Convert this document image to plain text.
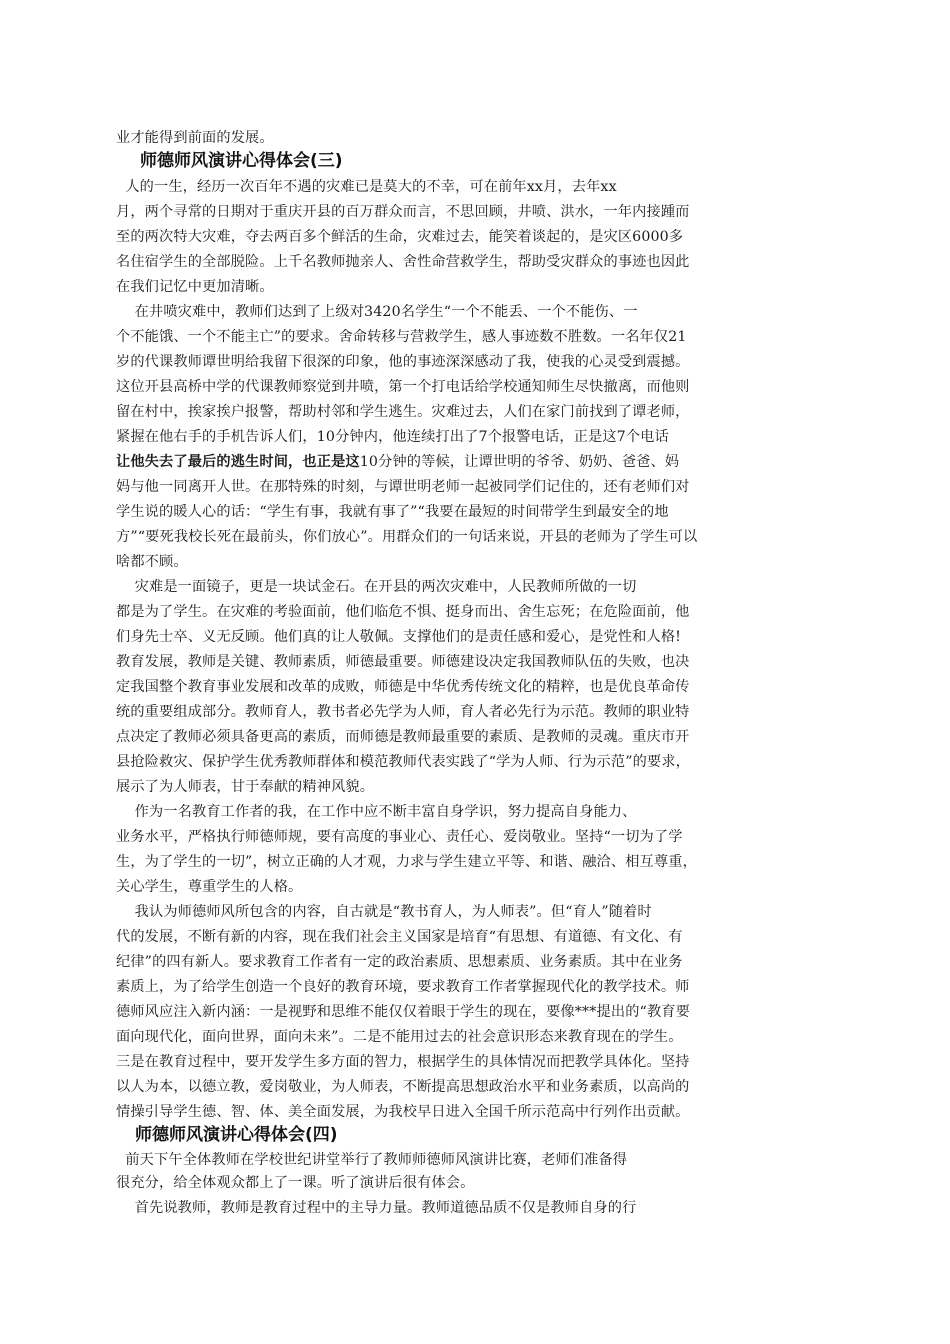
业才能得到前面的发展。
师德师风演讲心得体会(三)
人的一生，经历一次百年不遇的灾难已是莫大的不幸，可在前年xx月，去年xx
月，两个寻常的日期对于重庆开县的百万群众而言，不思回顾，井喷、洪水，一年内接踵而
至的两次特大灾难，夺去两百多个鲜活的生命，灾难过去，能笑着谈起的，是灾区6000多
名住宿学生的全部脱险。上千名教师抛亲人、舍性命营救学生，帮助受灾群众的事迹也因此
在我们记忆中更加清晰。
在井喷灾难中，教师们达到了上级对3420名学生“一个不能丢、一个不能伤、一
个不能饿、一个不能主亡”的要求。舍命转移与营救学生，感人事迹数不胜数。一名年仅21
岁的代课教师谭世明给我留下很深的印象，他的事迹深深感动了我，使我的心灵受到震撼。
这位开县高桥中学的代课教师察觉到井喷，第一个打电话给学校通知师生尽快撤离，而他则
留在村中，挨家挨户报警，帮助村邻和学生逃生。灾难过去，人们在家门前找到了谭老师，
紧握在他右手的手机告诉人们，10分钟内，他连续打出了7个报警电话，正是这7个电话
让他失去了最后的逃生时间，也正是这10分钟的等候，让谭世明的爷爷、奶奶、爸爸、妈
妈与他一同离开人世。在那特殊的时刻，与谭世明老师一起被同学们记住的，还有老师们对
学生说的暖人心的话：“学生有事，我就有事了”“我要在最短的时间带学生到最安全的地
方”“要死我校长死在最前头，你们放心”。用群众们的一句话来说，开县的老师为了学生可以
啥都不顾。
灾难是一面镜子，更是一块试金石。在开县的两次灾难中，人民教师所做的一切
都是为了学生。在灾难的考验面前，他们临危不惧、挺身而出、舍生忘死；在危险面前，他
们身先士卒、义无反顾。他们真的让人敬佩。支撑他们的是责任感和爱心，是党性和人格!
教育发展，教师是关键、教师素质，师德最重要。师德建设决定我国教师队伍的失败，也决
定我国整个教育事业发展和改革的成败，师德是中华优秀传统文化的精粹，也是优良革命传
统的重要组成部分。教师育人，教书者必先学为人师，育人者必先行为示范。教师的职业特
点决定了教师必须具备更高的素质，而师德是教师最重要的素质、是教师的灵魂。重庆市开
县抢险救灾、保护学生优秀教师群体和模范教师代表实践了“学为人师、行为示范”的要求，
展示了为人师表，甘于奉献的精神风貌。
作为一名教育工作者的我，在工作中应不断丰富自身学识，努力提高自身能力、
业务水平，严格执行师德师规，要有高度的事业心、责任心、爱岗敬业。坚持“一切为了学
生，为了学生的一切”，树立正确的人才观，力求与学生建立平等、和谐、融洽、相互尊重，
关心学生，尊重学生的人格。
我认为师德师风所包含的内容，自古就是“教书育人，为人师表”。但“育人”随着时
代的发展，不断有新的内容，现在我们社会主义国家是培育“有思想、有道德、有文化、有
纪律”的四有新人。要求教育工作者有一定的政治素质、思想素质、业务素质。其中在业务
素质上，为了给学生创造一个良好的教育环境，要求教育工作者掌握现代化的教学技术。师
德师风应注入新内涵：一是视野和思维不能仅仅着眼于学生的现在，要像***提出的“教育要
面向现代化，面向世界，面向未来”。二是不能用过去的社会意识形态来教育现在的学生。
三是在教育过程中，要开发学生多方面的智力，根据学生的具体情况而把教学具体化。坚持
以人为本，以德立教，爱岗敬业，为人师表，不断提高思想政治水平和业务素质，以高尚的
情操引导学生德、智、体、美全面发展，为我校早日进入全国千所示范高中行列作出贡献。
师德师风演讲心得体会(四)
前天下午全体教师在学校世纪讲堂举行了教师师德师风演讲比赛，老师们准备得
很充分，给全体观众都上了一课。听了演讲后很有体会。
首先说教师，教师是教育过程中的主导力量。教师道德品质不仅是教师自身的行
